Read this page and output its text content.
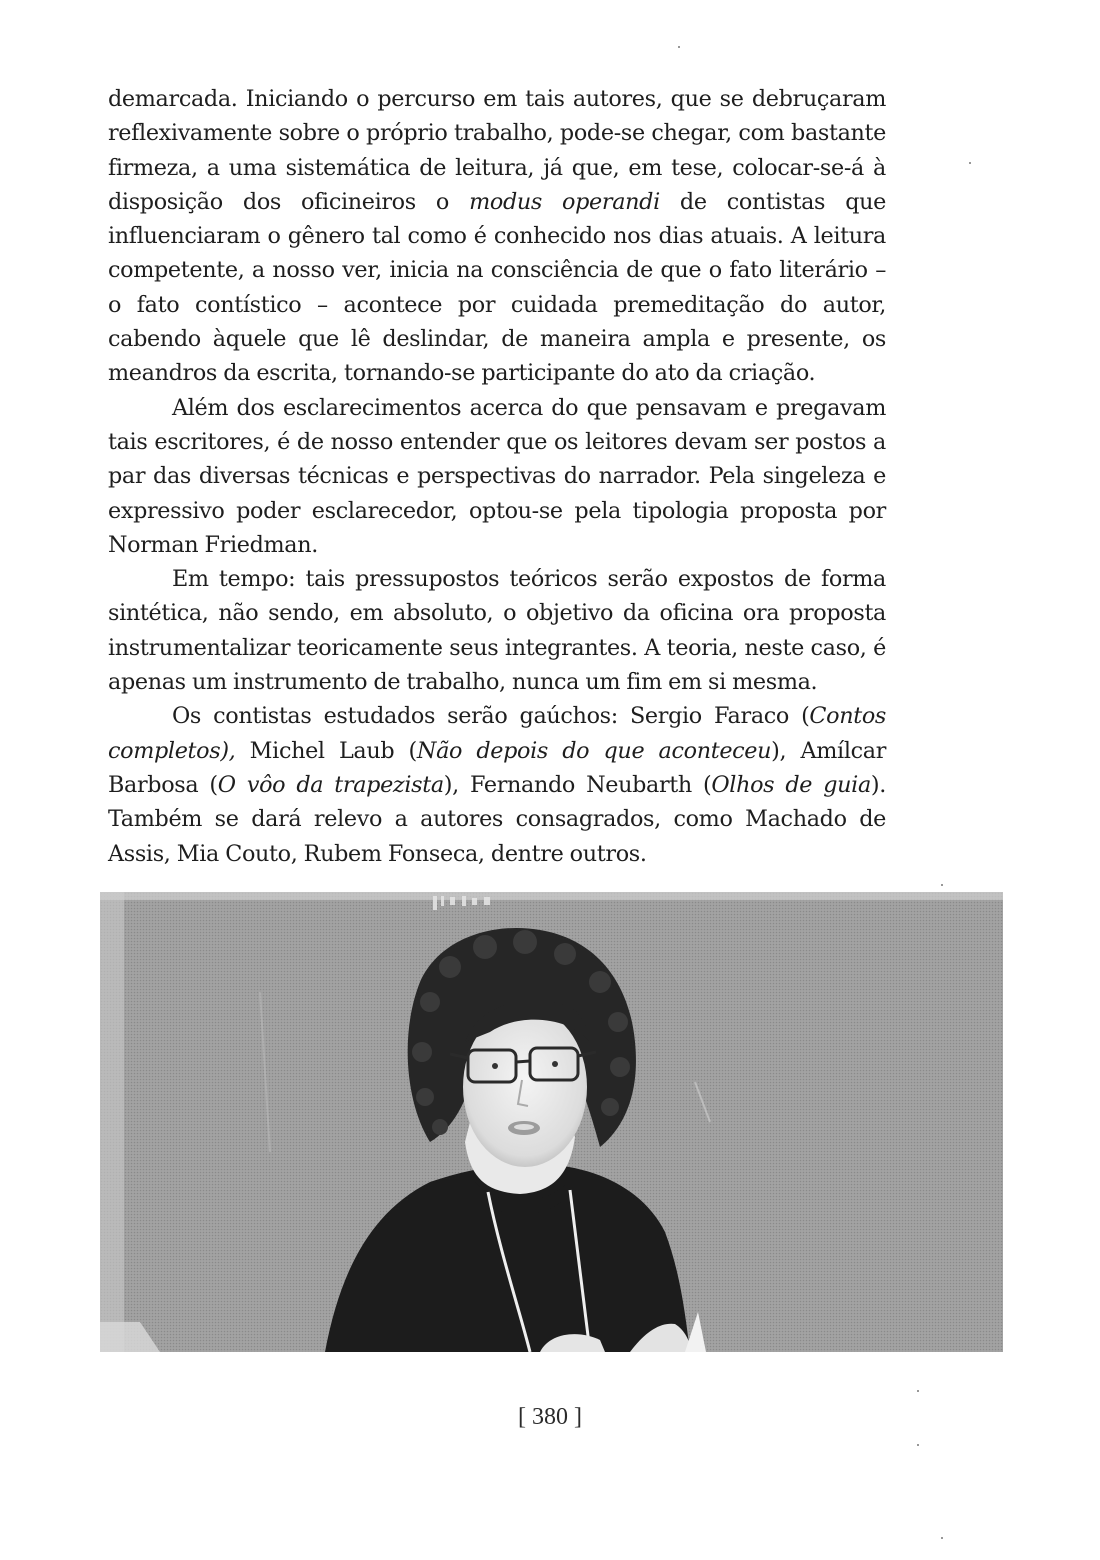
demarcada. Iniciando o percurso em tais autores, que se debruçaram reflexivamente sobre o próprio trabalho, pode-se chegar, com bastante firmeza, a uma sistemática de leitura, já que, em tese, colocar-se-á à disposição dos oficineiros o modus operandi de contistas que influenciaram o gênero tal como é conhecido nos dias atuais. A leitura competente, a nosso ver, inicia na consciência de que o fato literário – o fato contístico – acontece por cuidada premeditação do autor, cabendo àquele que lê deslindar, de maneira ampla e presente, os meandros da escrita, tornando-se participante do ato da criação.

Além dos esclarecimentos acerca do que pensavam e pregavam tais escritores, é de nosso entender que os leitores devam ser postos a par das diversas técnicas e perspectivas do narrador. Pela singeleza e expressivo poder esclarecedor, optou-se pela tipologia proposta por Norman Friedman.

Em tempo: tais pressupostos teóricos serão expostos de forma sintética, não sendo, em absoluto, o objetivo da oficina ora proposta instrumentalizar teoricamente seus integrantes. A teoria, neste caso, é apenas um instrumento de trabalho, nunca um fim em si mesma.

Os contistas estudados serão gaúchos: Sergio Faraco (Contos completos), Michel Laub (Não depois do que aconteceu), Amílcar Barbosa (O vôo da trapezista), Fernando Neubarth (Olhos de guia). Também se dará relevo a autores consagrados, como Machado de Assis, Mia Couto, Rubem Fonseca, dentre outros.

[ 380 ]
